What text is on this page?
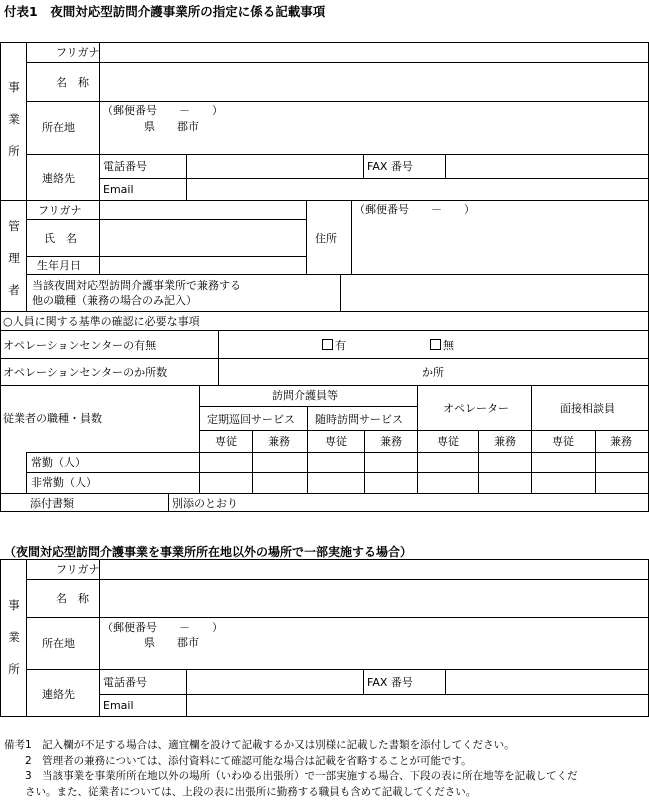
付表1　夜間対応型訪問介護事業所の指定に係る記載事項
事
業
所
フリガナ
名　称
所在地
（郵便番号　　－　　）
県　　郡市
連絡先
電話番号	FAX 番号
Email
管
理
者
フリガナ
氏　名
生年月日
住所
（郵便番号　　－　　）
当該夜間対応型訪問介護事業所で兼務する
他の職種（兼務の場合のみ記入）
○人員に関する基準の確認に必要な事項
オペレーションセンターの有無	有	無
オペレーションセンターのか所数	か所
従業者の職種・員数
訪問介護員等
定期巡回サービス 随時訪問サービス
オペレーター	面接相談員
専従	兼務	専従	兼務	専従	兼務	専従	兼務
常勤（人）
非常勤（人）
添付書類	別添のとおり
（夜間対応型訪問介護事業を事業所所在地以外の場所で一部実施する場合）
事
業
所
フリガナ
名　称
所在地
（郵便番号　　－　　）
県　　郡市
連絡先
電話番号	FAX 番号
Email
備考1　記入欄が不足する場合は、適宜欄を設けて記載するか又は別様に記載した書類を添付してください。
　　2　管理者の兼務については、添付資料にて確認可能な場合は記載を省略することが可能です。
　　3　当該事業を事業所所在地以外の場所（いわゆる出張所）で一部実施する場合、下段の表に所在地等を記載してくだ
　　さい。また、従業者については、上段の表に出張所に勤務する職員も含めて記載してください。
